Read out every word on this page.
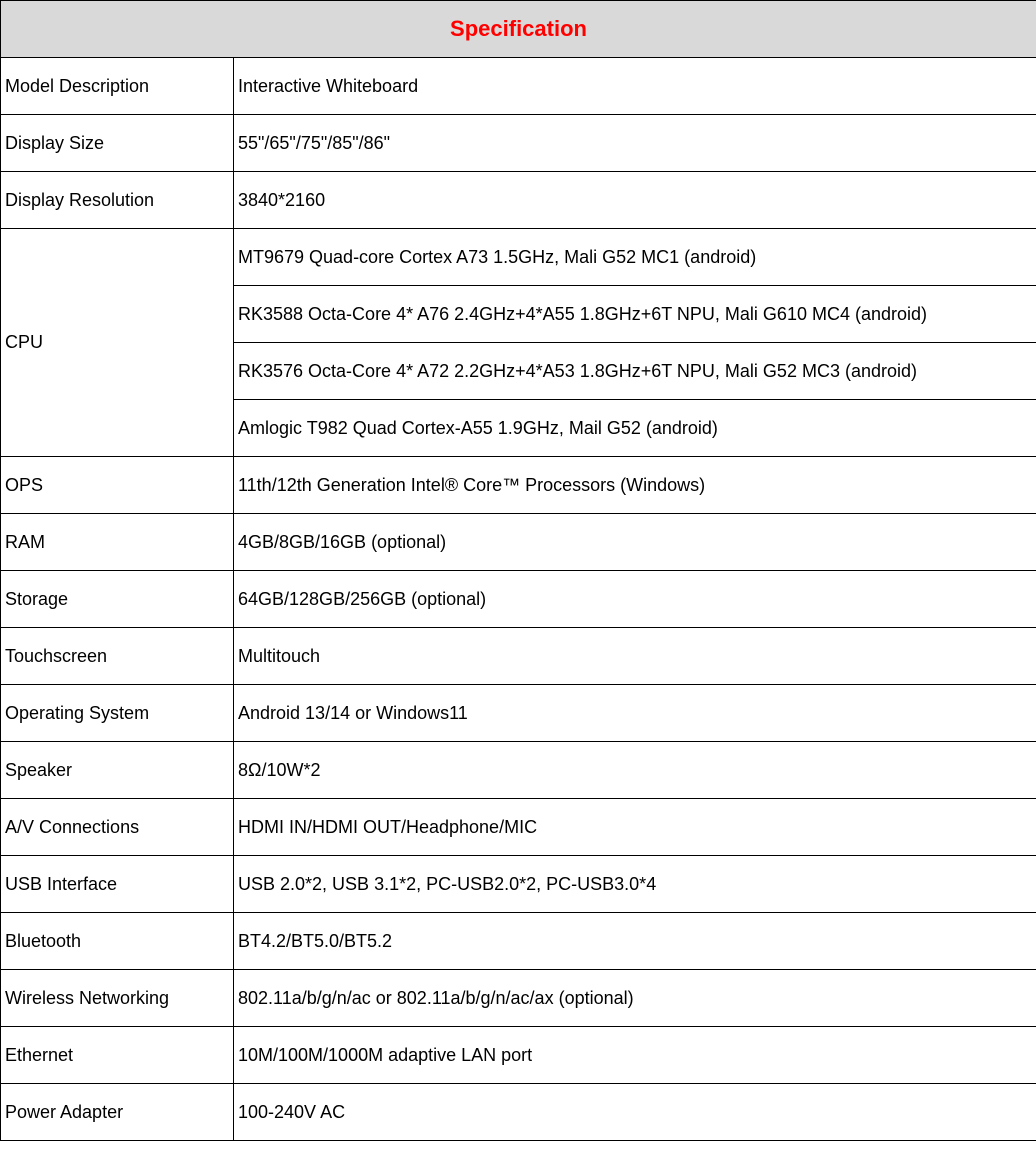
Specification	
Model Description	Interactive Whiteboard
Display Size	55"/65"/75"/85"/86"
Display Resolution	3840*2160
CPU	MT9679 Quad-core Cortex A73 1.5GHz, Mali G52 MC1 (android)
	RK3588 Octa-Core 4* A76 2.4GHz+4*A55 1.8GHz+6T NPU, Mali G610 MC4 (android)
	RK3576 Octa-Core 4* A72 2.2GHz+4*A53 1.8GHz+6T NPU, Mali G52 MC3 (android)
	Amlogic T982 Quad Cortex-A55 1.9GHz, Mail G52 (android)
OPS	11th/12th Generation Intel® Core™ Processors (Windows)
RAM	4GB/8GB/16GB (optional)
Storage	64GB/128GB/256GB (optional)
Touchscreen	Multitouch
Operating System	Android 13/14 or Windows11
Speaker	8Ω/10W*2
A/V Connections	HDMI IN/HDMI OUT/Headphone/MIC
USB Interface	USB 2.0*2, USB 3.1*2, PC-USB2.0*2, PC-USB3.0*4
Bluetooth	BT4.2/BT5.0/BT5.2
Wireless Networking	802.11a/b/g/n/ac or 802.11a/b/g/n/ac/ax (optional)
Ethernet	10M/100M/1000M adaptive LAN port
Power Adapter	100-240V AC
